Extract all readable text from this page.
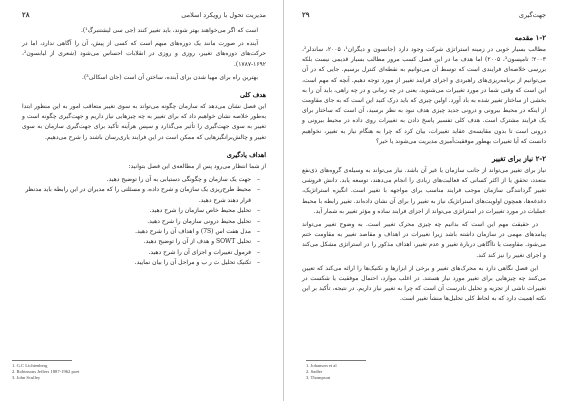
مدیریت تحول با رویکرد اسلامی
۲۸

است که اگر می‌خواهند بهتر شوند، باید تغییر کنند (جی سی لیشتنبرگ¹).

آینده در صورت مانند یک دوره‌های مبهم است که کسی از پیش، آن را آگاهی ندارد، اما در حرکت‌های دوره‌های تغییر، روزی و روزی در انقلابات احساس می‌شود (شعری از لیابسون²، ۱۶۹۲-۱۷۸۷).

بهترین راه برای مهیا شدن برای آینده، ساختن آن است (جان اسکالی³).

هدف کلی

این فصل نشان می‌دهد که سازمان چگونه می‌تواند به سوی تغییر متعاقب امور به این منظور ابتدا به‌طور خلاصه نشان خواهیم داد که برای تغییر به چه چیزهایی نیاز داریم و جهت‌گیری چگونه است و تغییر به سوی جهت‌گیری را تأثیر می‌گذارد و سپس هرآینه تأکید برای جهت‌گیری سازمان به سوی تغییر و چالش‌برانگیز‌هایی که ممکن است در این فرایند یاری‌رسان باشند را شرح می‌دهیم.

اهداف یادگیری

از شما انتظار می‌رود پس از مطالعه‌ی این فصل بتوانید:

– جهت یک سازمان و چگونگی دستیابی به آن را توضیح دهید.
– محیط طرح‌ریزی یک سازمان و شرح داده، و مسئلتی را که مدیران در این رابطه باید مدنظر قرار دهند شرح دهید.
– تحلیل محیط خاص سازمان را شرح دهید.
– تحلیل محیط درونی سازمان را شرح دهید.
– مدل هفت اس (7S) و اهداف آن را شرح دهید.
– تحلیل SOWT و هدف از آن را توضیح دهید.
– فرمول تغییرات و اجزای آن را شرح دهید.
– تکنیک تحلیل ث ر ب و مراحل آن را بیان نمایید.
1. G.C Lichtenberg
2. Robinsons Jeffers 1887-1962 poet
3. John Sculley
جهت‌گیری
۲۹
۱-۲ مقدمه

مطالب بسیار خوبی در زمینه استراتژی شرکت وجود دارد (جانسون و دیگران¹، ۲۰۰۵، ساندلر²، ۲۰۰۳؛ تامپسون³، ۲۰۰۵) اما هدف ما در این فصل کسب مرور مطالب بسیار قدیمی نیست بلکه بررسی خلاصه‌ای فرایندی است که توسط آن می‌توانیم به نقطه‌ای کنترل برسیم. جایی که در آن می‌توانیم از برنامه‌ریزی‌های راهبردی و اجرای فرایند تغییر از مورد توجه دهیم. آنچه که مهم است، این است که وقتی شما در مورد تغییرات می‌شنوید، یعنی در چه زمانی و در چه راهی، باید آن را به بخشی از ساختار تغییر شده به باد آورد. اولین چیزی که باید درک کنید این است که به جای مقاومت از اینکه در محیط بیرونی و درونی جدید چیزی هدف نبود به نظر برسید، آن است که ساختار برای یک فرایند مشترک است. هدف کلی تفسیر پاسخ دادن به تغییرات روی داده در محیط بیرونی و درونی است تا بدون مقایسه‌ی عقاید تغییرات، بیان کرد که چرا به هنگام نیاز به تغییر، نخواهیم دانست که آیا تغییرات بهطور موفقیت‌آمیزی مدیریت می‌شوند یا خیر؟

۲-۲ نیاز برای تغییر

نیاز برای تغییر می‌تواند از جانب سازمان یا غیر آن باشد. نیاز می‌تواند به وسیله‌ی گروه‌های ذی‌نفع متعدد، تحقق یا از اکثر کسانی که فعالیت‌های زیادی را انجام می‌دهند، توسعه یابد. دانش فروشی تغییر گردانندگی سازمان موجب فرایند مناسب برای مواجهه با تغییر است. انگیزه استراتژیک، دغدغه‌ها، همچون اولویت‌های استراتژیک نیاز به تغییر را برای آن نشان داده‌اند. تغییر رابطه با محیط عملیات در مورد تغییرات در استراتژی می‌تواند از اجزای فرایند ساده و مؤثر تغییر به شمار آید.

در حقیقت مهم این است که بدانیم چه چیزی محرک تغییر است. به وضوح تغییر می‌تواند پیامدهای مهمی در سازمان داشته باشد زیرا تغییرات در اهداف و مقاصد تغییر به مقاومت ختم می‌شود. مقاومت یا ناآگاهی دربارهٔ تغییر و عدم تغییر، اهداف مذکور را در استراتژی مشکل می‌کند و اجرای تغییر را نیز کند کند.

این فصل نگاهی دارد به محرک‌های تغییر و برخی از ابزارها و تکنیک‌ها را ارائه می‌کند که تعیین می‌کنند چه چیزهایی برای تغییر مورد نیاز هستند. در اغلب موارد، احتمال موفقیت یا شکست در تغییرات ناشی از تجزیه و تحلیل نادرست آن است که چرا به تغییر نیاز داریم. در نتیجه، تأکید بر این نکته اهمیت دارد که به لحاظ کلی تحلیل‌ها منشأ تغییر است.

1. Johanson et al
2. Sadler
3. Thompson
